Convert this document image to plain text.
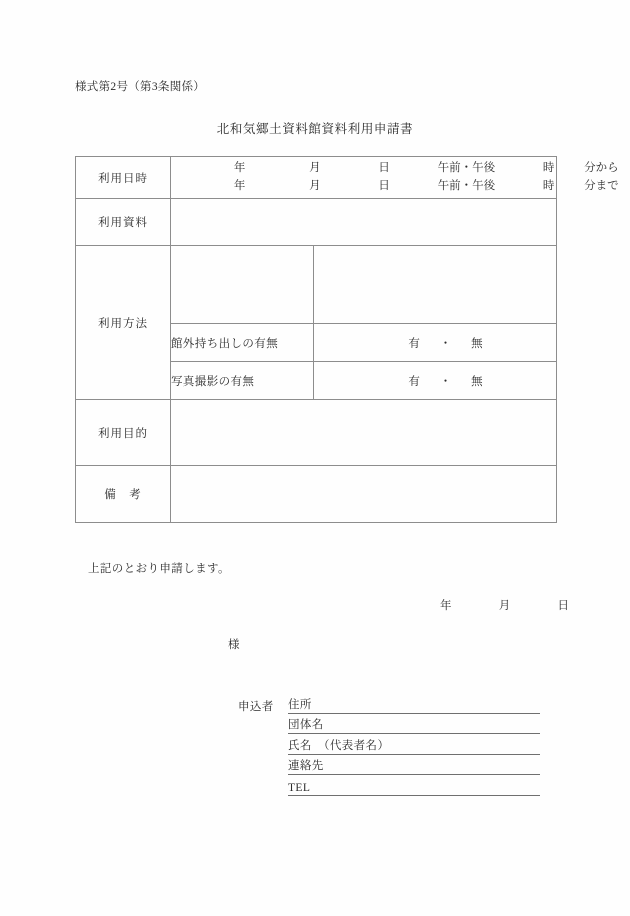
様式第2号（第3条関係）
北和気郷土資料館資料利用申請書
利用日時	年 月 日 午前・午後 時 分から
年 月 日 午前・午後 時 分まで	

利用資料		
利用方法		
	館外持ち出しの有無	有 ・ 無
	写真撮影の有無	有 ・ 無
利用目的		
備　考		
上記のとおり申請します。
年	月	日
様
申込者	住所
団体名
氏名　（代表者名）
連絡先
TEL
